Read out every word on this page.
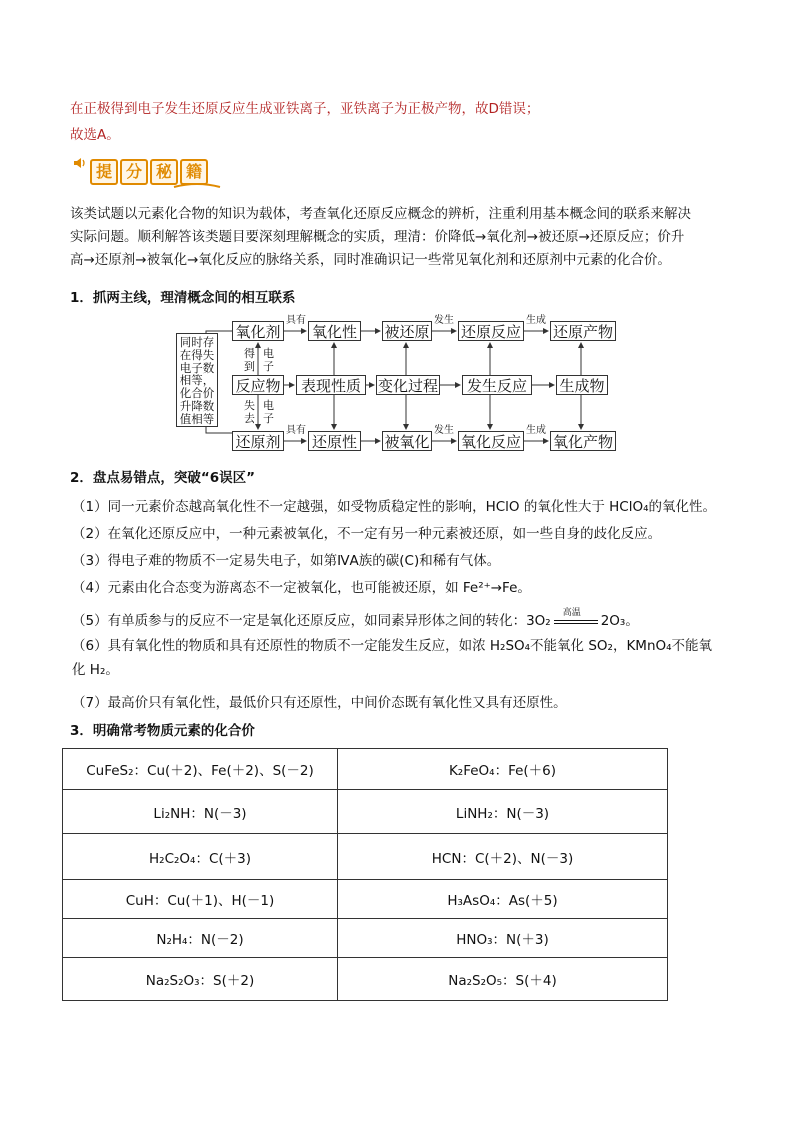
在正极得到电子发生还原反应生成亚铁离子，亚铁离子为正极产物，故D错误；
故选A。
提 分 秘 籍
该类试题以元素化合物的知识为载体，考查氧化还原反应概念的辨析，注重利用基本概念间的联系来解决
实际问题。顺利解答该类题目要深刻理解概念的实质，理清：价降低→氧化剂→被还原→还原反应；价升
高→还原剂→被氧化→氧化反应的脉络关系，同时准确识记一些常见氧化剂和还原剂中元素的化合价。
1．抓两主线，理清概念间的相互联系
同时存
在得失
电子数
相等，
化合价
升降数
值相等
氧化剂 氧化性 被还原 还原反应 还原产物
反应物	表现性质	变化过程	发生反应	生成物
还原剂 还原性 被氧化 氧化反应 氧化产物
具有	发生	生成
具有	发生	生成
得
到
电
子
失
去
电
子
2．盘点易错点，突破“6误区”
（1）同一元素价态越高氧化性不一定越强，如受物质稳定性的影响，HClO 的氧化性大于 HClO₄的氧化性。
（2）在氧化还原反应中，一种元素被氧化，不一定有另一种元素被还原，如一些自身的歧化反应。
（3）得电子难的物质不一定易失电子，如第ⅣA族的碳(C)和稀有气体。
（4）元素由化合态变为游离态不一定被氧化，也可能被还原，如 Fe²⁺→Fe。
（5）有单质参与的反应不一定是氧化还原反应，如同素异形体之间的转化：3O₂ 高温 2O₃。
（6）具有氧化性的物质和具有还原性的物质不一定能发生反应，如浓 H₂SO₄不能氧化 SO₂，KMnO₄不能氧
化 H₂。
（7）最高价只有氧化性，最低价只有还原性，中间价态既有氧化性又具有还原性。
3．明确常考物质元素的化合价
CuFeS₂：Cu(＋2)、Fe(＋2)、S(－2)	K₂FeO₄：Fe(＋6)
Li₂NH：N(－3)	LiNH₂：N(－3)
H₂C₂O₄：C(＋3)	HCN：C(＋2)、N(－3)
CuH：Cu(＋1)、H(－1)	H₃AsO₄：As(＋5)
N₂H₄：N(－2)	HNO₃：N(＋3)
Na₂S₂O₃：S(＋2)	Na₂S₂O₅：S(＋4)
